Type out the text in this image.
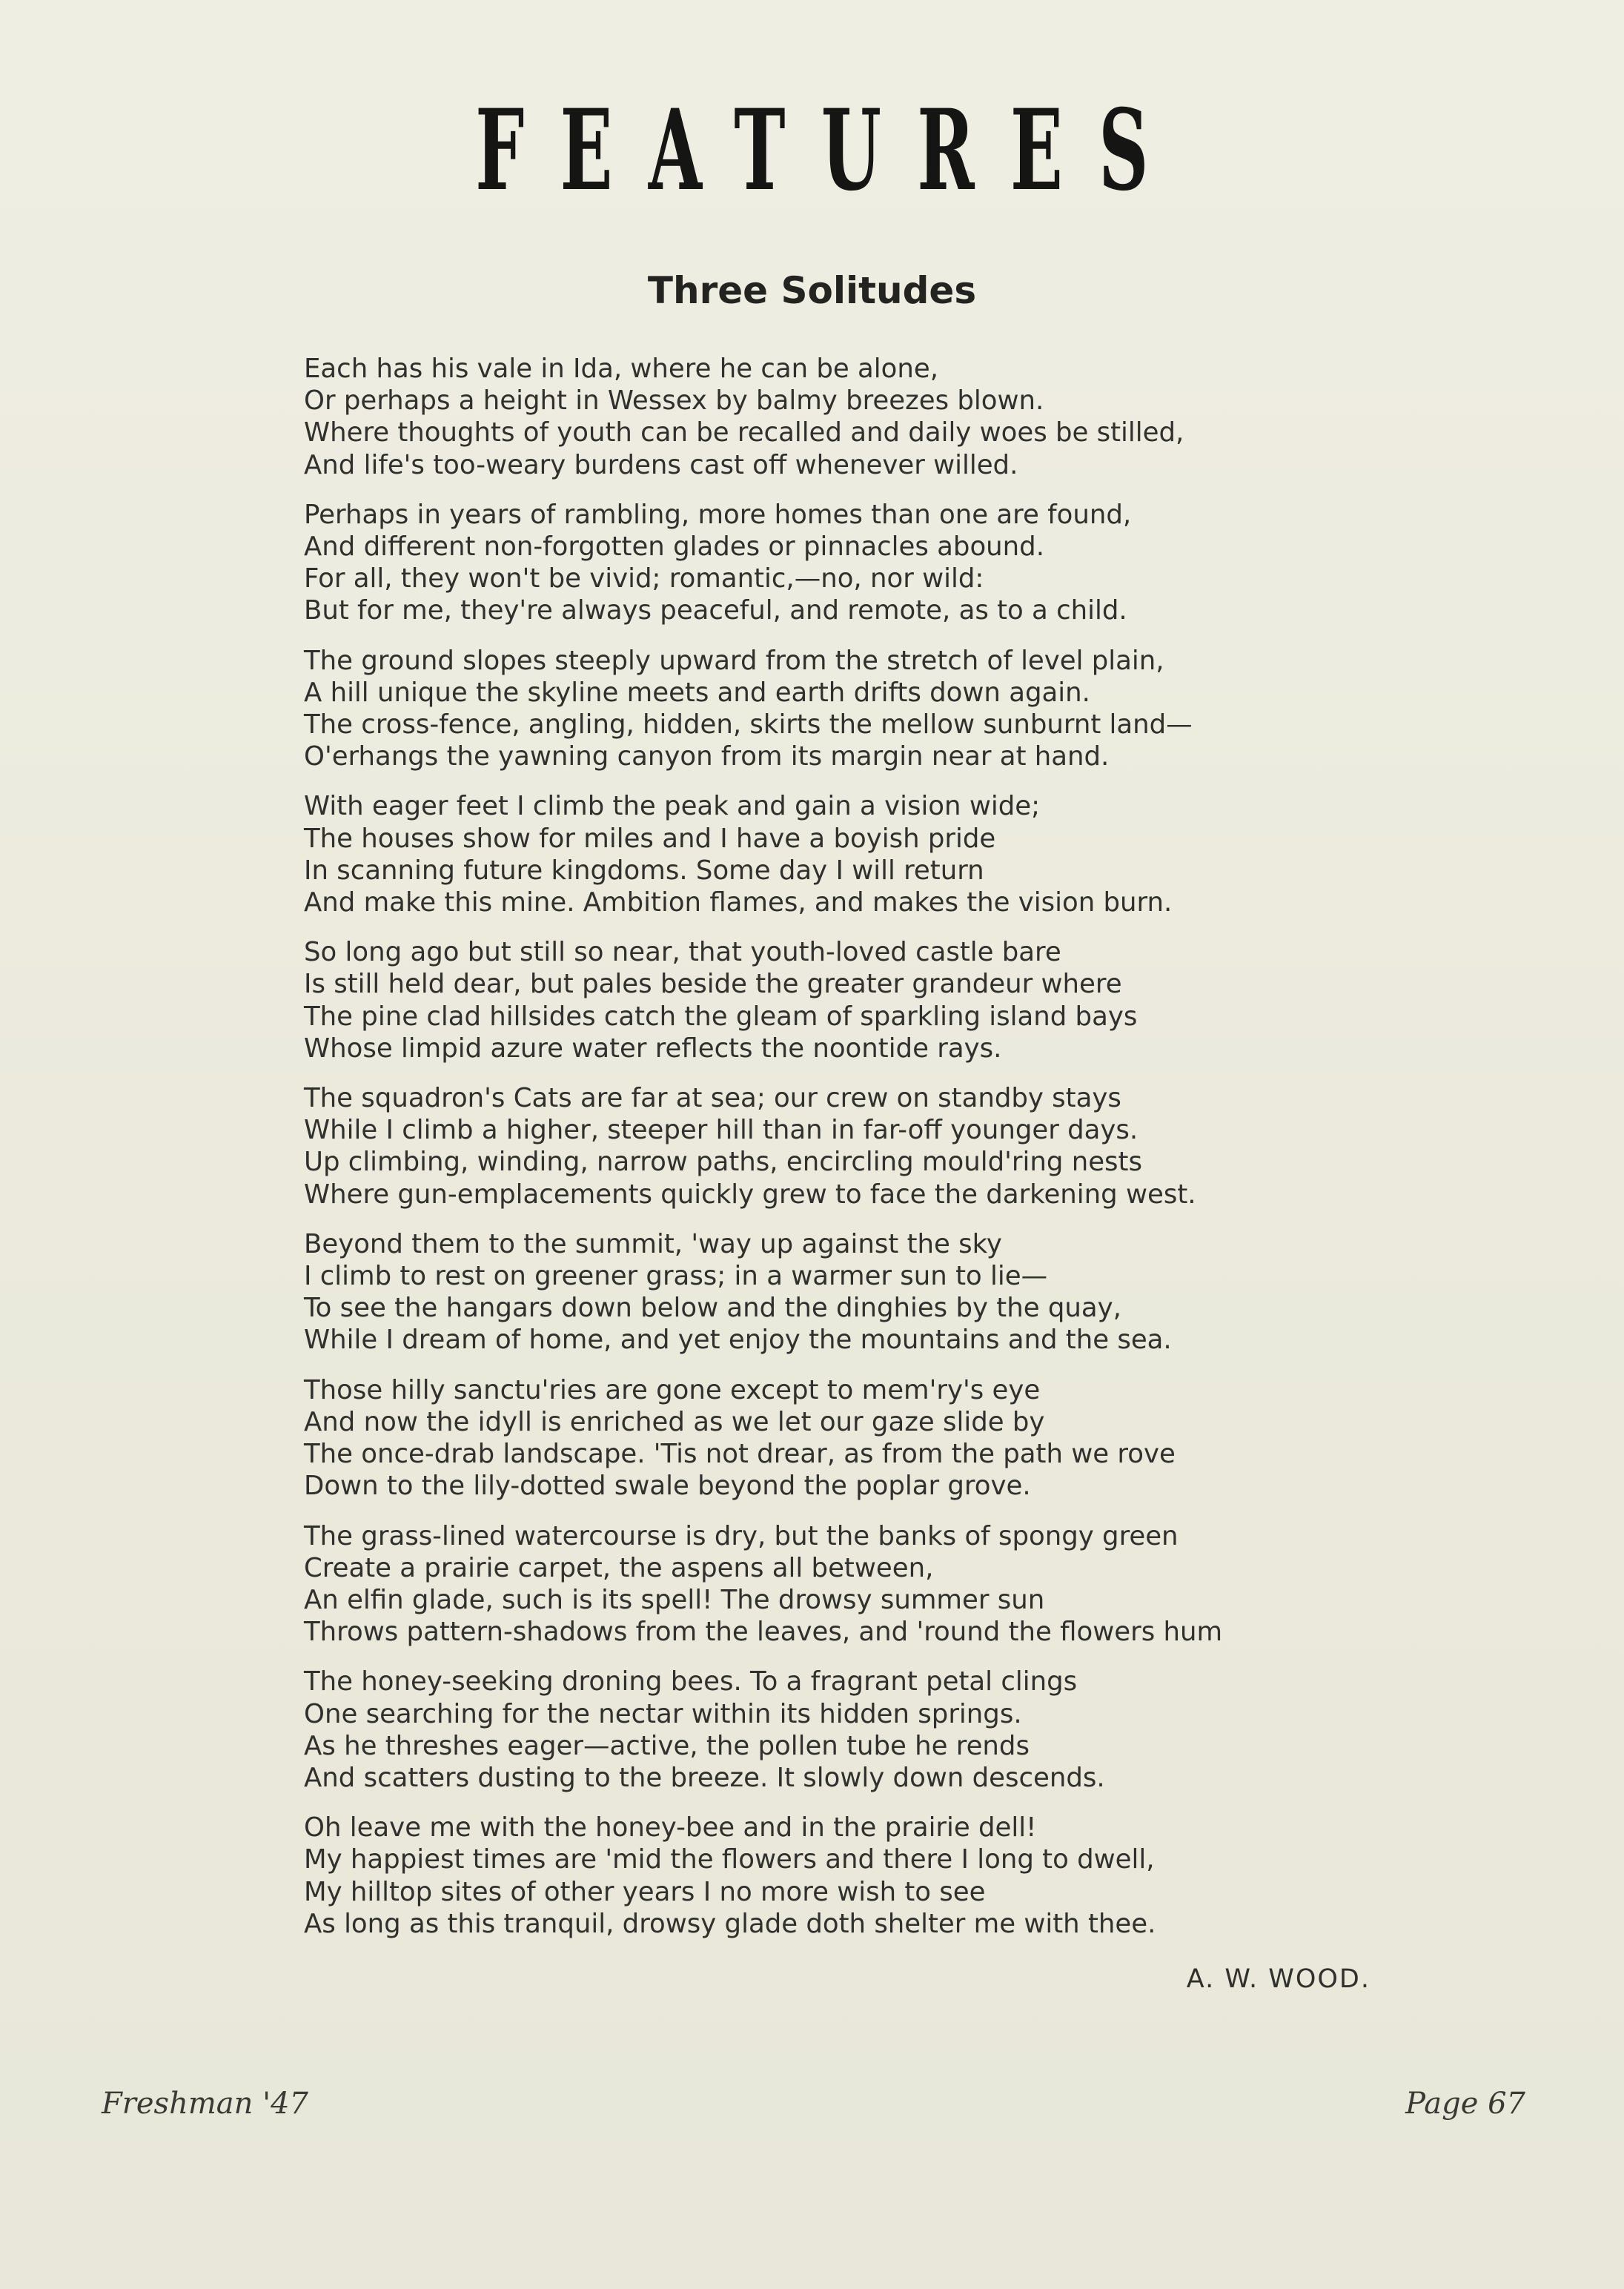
FEATURES
Three Solitudes
Each has his vale in Ida, where he can be alone,
Or perhaps a height in Wessex by balmy breezes blown.
Where thoughts of youth can be recalled and daily woes be stilled,
And life's too-weary burdens cast off whenever willed.
Perhaps in years of rambling, more homes than one are found,
And different non-forgotten glades or pinnacles abound.
For all, they won't be vivid; romantic,—no, nor wild:
But for me, they're always peaceful, and remote, as to a child.
The ground slopes steeply upward from the stretch of level plain,
A hill unique the skyline meets and earth drifts down again.
The cross-fence, angling, hidden, skirts the mellow sunburnt land—
O'erhangs the yawning canyon from its margin near at hand.
With eager feet I climb the peak and gain a vision wide;
The houses show for miles and I have a boyish pride
In scanning future kingdoms. Some day I will return
And make this mine. Ambition flames, and makes the vision burn.
So long ago but still so near, that youth-loved castle bare
Is still held dear, but pales beside the greater grandeur where
The pine clad hillsides catch the gleam of sparkling island bays
Whose limpid azure water reflects the noontide rays.
The squadron's Cats are far at sea; our crew on standby stays
While I climb a higher, steeper hill than in far-off younger days.
Up climbing, winding, narrow paths, encircling mould'ring nests
Where gun-emplacements quickly grew to face the darkening west.
Beyond them to the summit, 'way up against the sky
I climb to rest on greener grass; in a warmer sun to lie—
To see the hangars down below and the dinghies by the quay,
While I dream of home, and yet enjoy the mountains and the sea.
Those hilly sanctu'ries are gone except to mem'ry's eye
And now the idyll is enriched as we let our gaze slide by
The once-drab landscape. 'Tis not drear, as from the path we rove
Down to the lily-dotted swale beyond the poplar grove.
The grass-lined watercourse is dry, but the banks of spongy green
Create a prairie carpet, the aspens all between,
An elfin glade, such is its spell! The drowsy summer sun
Throws pattern-shadows from the leaves, and 'round the flowers hum
The honey-seeking droning bees. To a fragrant petal clings
One searching for the nectar within its hidden springs.
As he threshes eager—active, the pollen tube he rends
And scatters dusting to the breeze. It slowly down descends.
Oh leave me with the honey-bee and in the prairie dell!
My happiest times are 'mid the flowers and there I long to dwell,
My hilltop sites of other years I no more wish to see
As long as this tranquil, drowsy glade doth shelter me with thee.
A. W. WOOD.
Freshman '47	Page 67
